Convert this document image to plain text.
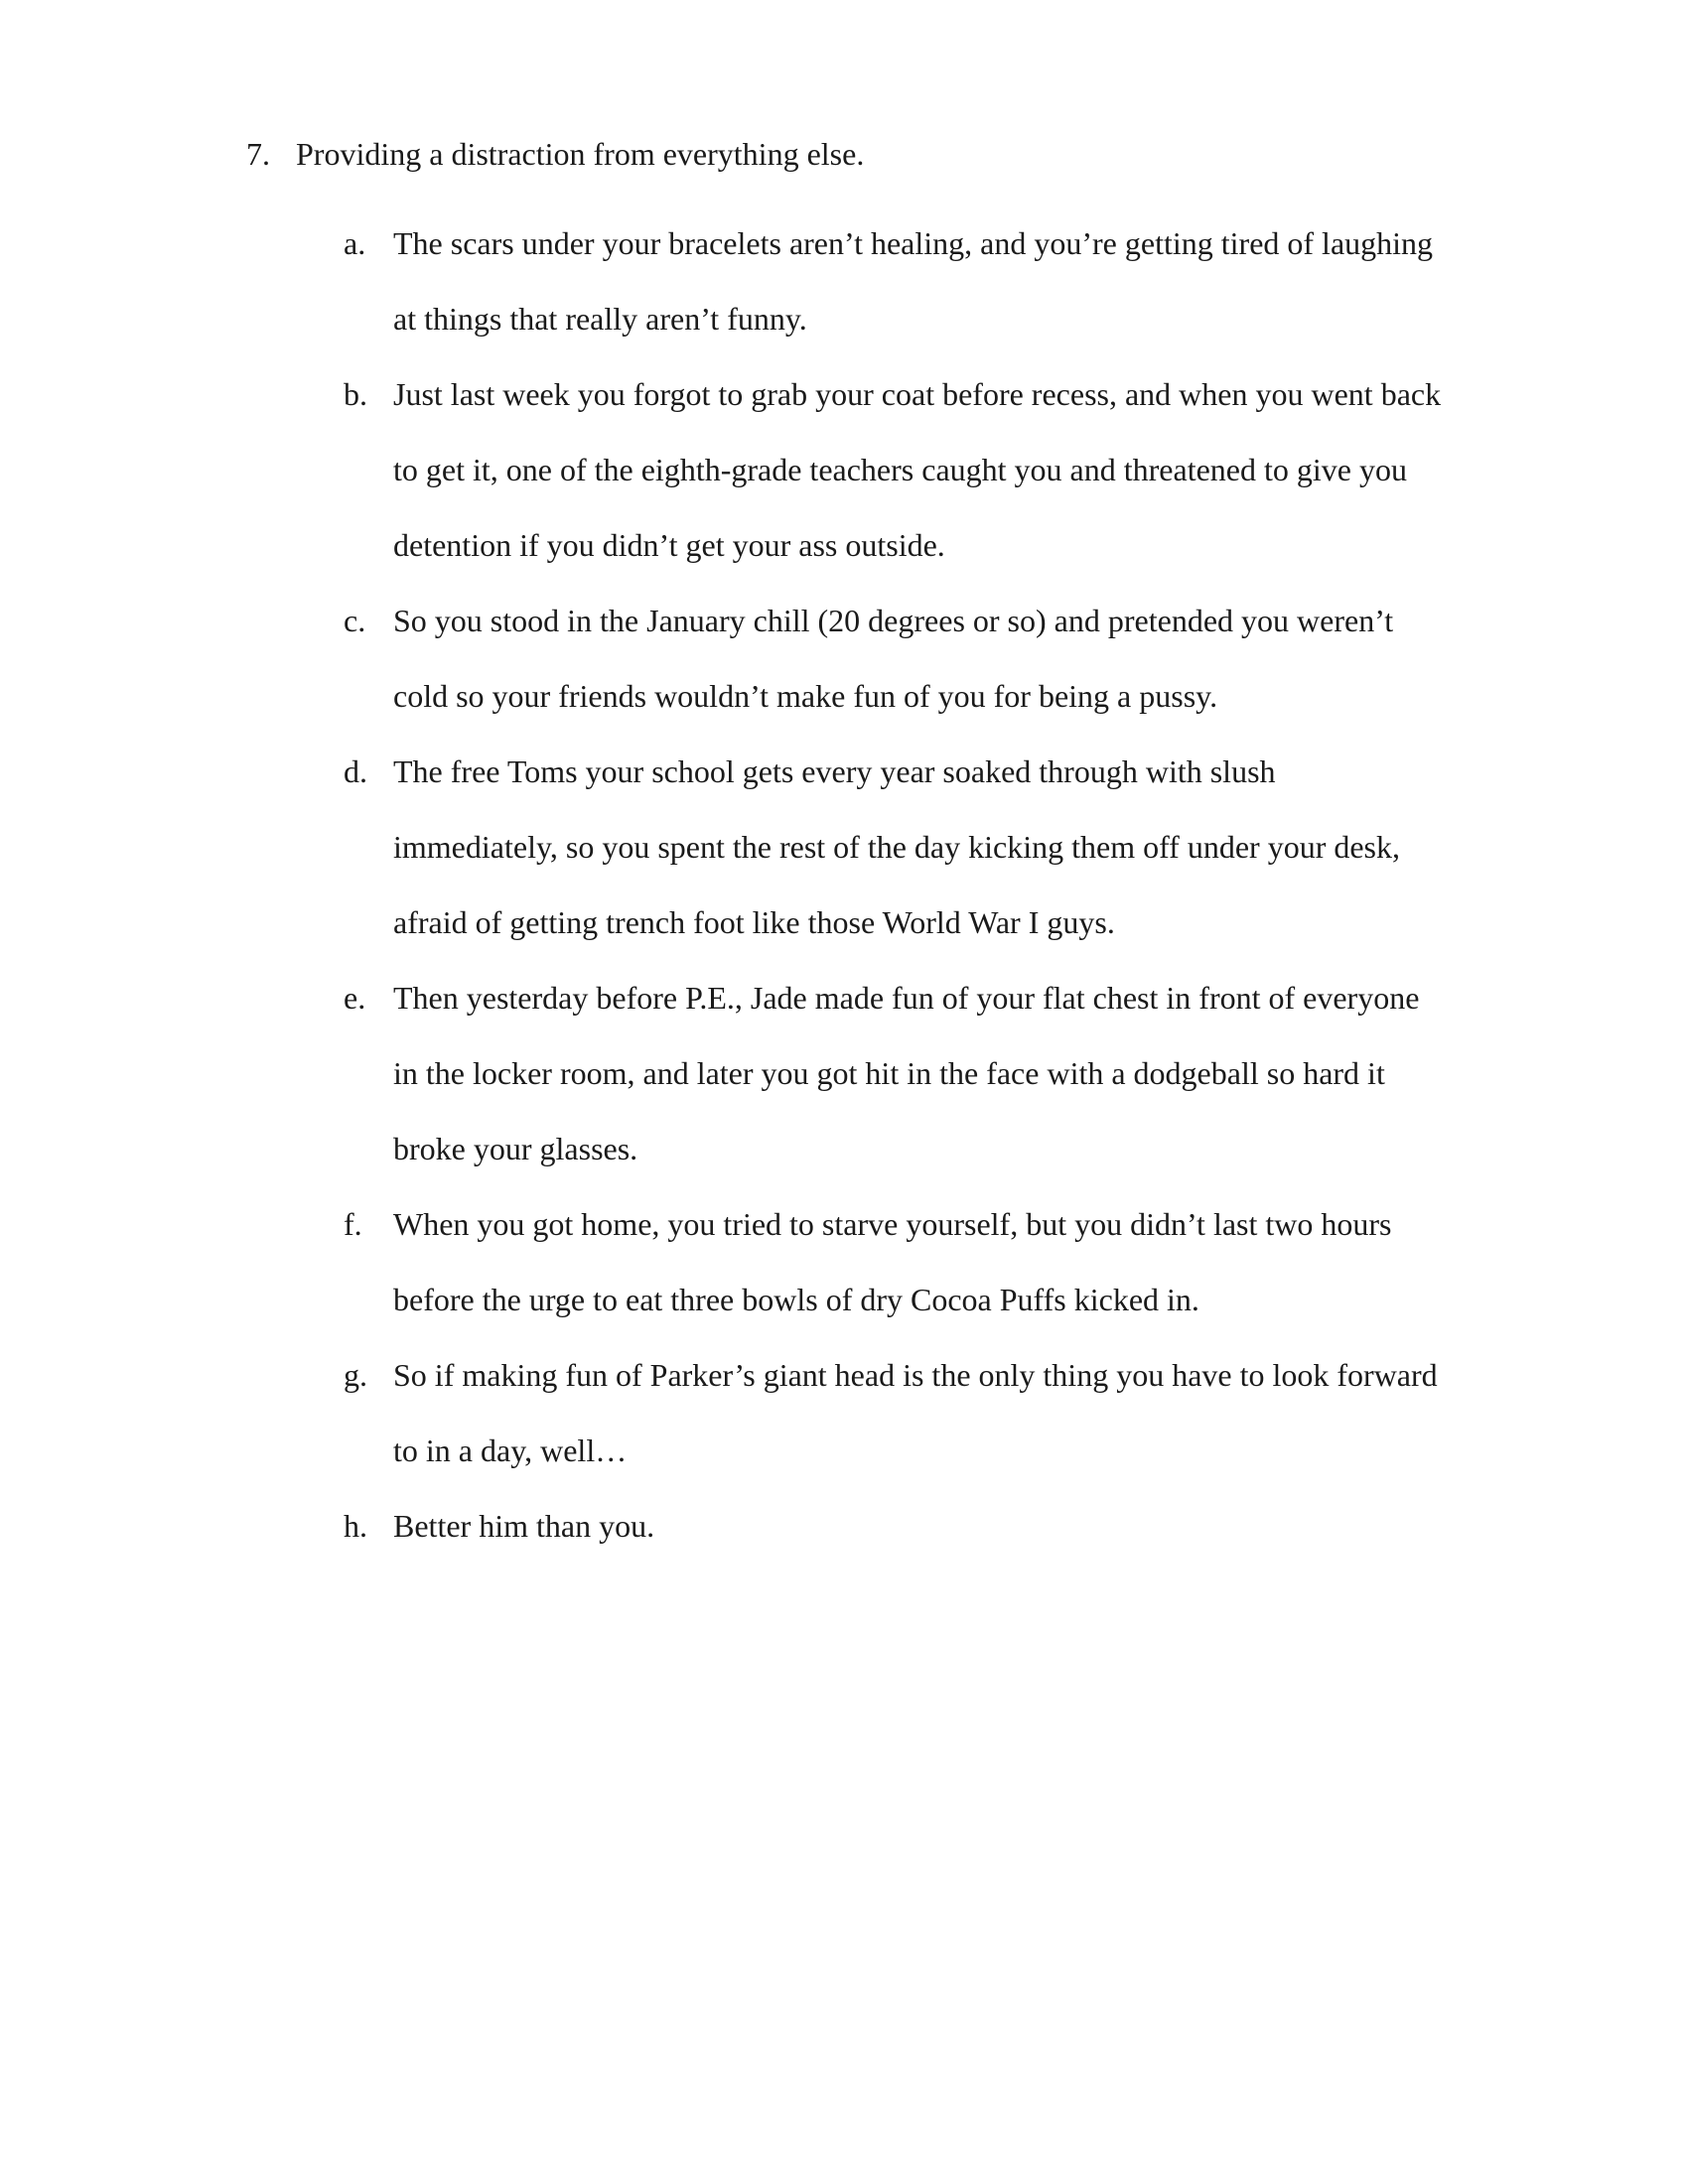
7. Providing a distraction from everything else.
a. The scars under your bracelets aren’t healing, and you’re getting tired of laughing
at things that really aren’t funny.
b. Just last week you forgot to grab your coat before recess, and when you went back
to get it, one of the eighth-grade teachers caught you and threatened to give you
detention if you didn’t get your ass outside.
c. So you stood in the January chill (20 degrees or so) and pretended you weren’t
cold so your friends wouldn’t make fun of you for being a pussy.
d. The free Toms your school gets every year soaked through with slush
immediately, so you spent the rest of the day kicking them off under your desk,
afraid of getting trench foot like those World War I guys.
e. Then yesterday before P.E., Jade made fun of your flat chest in front of everyone
in the locker room, and later you got hit in the face with a dodgeball so hard it
broke your glasses.
f. When you got home, you tried to starve yourself, but you didn’t last two hours
before the urge to eat three bowls of dry Cocoa Puffs kicked in.
g. So if making fun of Parker’s giant head is the only thing you have to look forward
to in a day, well…
h. Better him than you.
